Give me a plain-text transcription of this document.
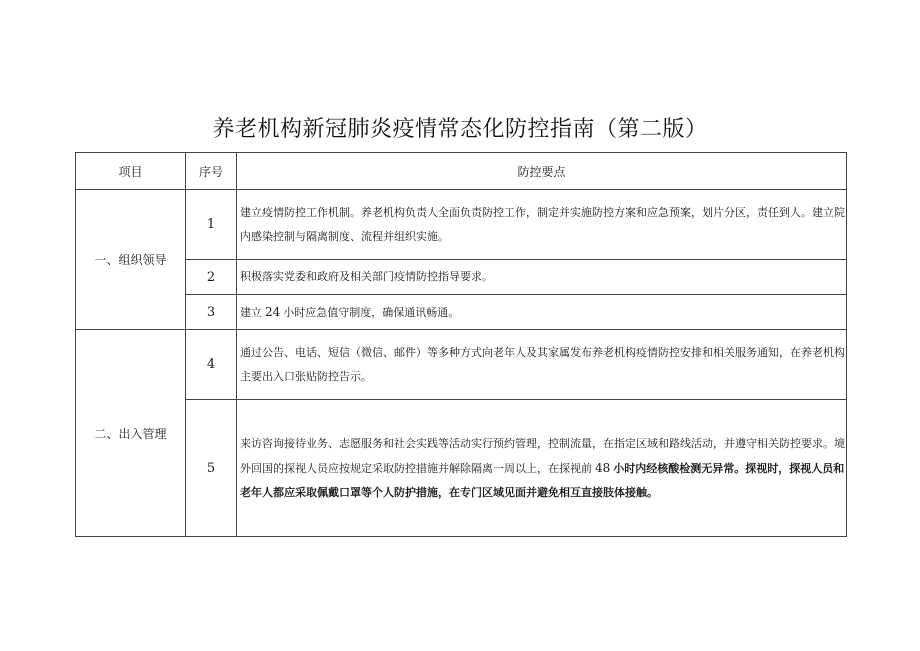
养老机构新冠肺炎疫情常态化防控指南（第二版）
项目	序号	防控要点
一、组织领导	1	建立疫情防控工作机制。养老机构负责人全面负责防控工作，制定并实施防控方案和应急预案，划片分区，责任到人。建立院内感染控制与隔离制度、流程并组织实施。
	2	积极落实党委和政府及相关部门疫情防控指导要求。
	3	建立 24 小时应急值守制度，确保通讯畅通。
二、出入管理	4	通过公告、电话、短信（微信、邮件）等多种方式向老年人及其家属发布养老机构疫情防控安排和相关服务通知，在养老机构主要出入口张贴防控告示。
	5	来访咨询接待业务、志愿服务和社会实践等活动实行预约管理，控制流量，在指定区域和路线活动，并遵守相关防控要求。境外回国的探视人员应按规定采取防控措施并解除隔离一周以上，在探视前 48 小时内经核酸检测无异常。探视时，探视人员和老年人都应采取佩戴口罩等个人防护措施，在专门区域见面并避免相互直接肢体接触。
